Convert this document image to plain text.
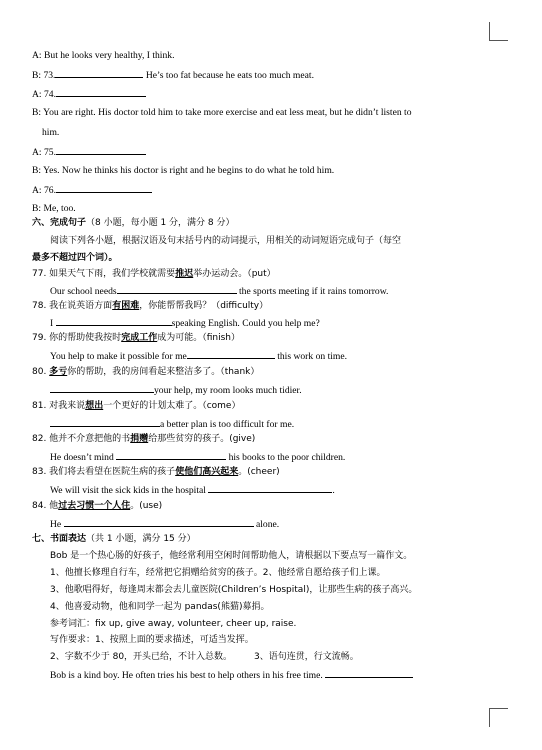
A: But he looks very healthy, I think.
B: 73.	He’s too fat because he eats too much meat.
A: 74.
B: You are right. His doctor told him to take more exercise and eat less meat, but he didn’t listen to
him.
A: 75.
B: Yes. Now he thinks his doctor is right and he begins to do what he told him.
A: 76.
B: Me, too.
六、完成句子（8 小题，每小题 1 分，满分 8 分）
阅读下列各小题，根据汉语及句末括号内的动词提示，用相关的动词短语完成句子（每空
最多不超过四个词）。
77. 如果天气下雨，我们学校就需要推迟举办运动会。（put）
Our school needs	the sports meeting if it rains tomorrow.
78. 我在说英语方面有困难，你能帮帮我吗？（difficulty）
I	speaking English. Could you help me?
79. 你的帮助使我按时完成工作成为可能。（finish）
You help to make it possible for me	this work on time.
80. 多亏你的帮助，我的房间看起来整洁多了。（thank）
your help, my room looks much tidier.
81. 对我来说想出一个更好的计划太难了。（come）
a better plan is too difficult for me.
82. 他并不介意把他的书捐赠给那些贫穷的孩子。(give)
He doesn’t mind	his books to the poor children.
83. 我们将去看望在医院生病的孩子使他们高兴起来。(cheer)
We will visit the sick kids in the hospital	.
84. 他过去习惯一个人住。(use)
He	alone.
七、书面表达（共 1 小题，满分 15 分）
Bob 是一个热心肠的好孩子，他经常利用空闲时间帮助他人，请根据以下要点写一篇作文。
1、他擅长修理自行车，经常把它捐赠给贫穷的孩子。2、他经常自愿给孩子们上课。
3、他歌唱得好，每逢周末都会去儿童医院(Children’s Hospital)，让那些生病的孩子高兴。
4、他喜爱动物，他和同学一起为 pandas(熊猫)募捐。
参考词汇：fix up, give away, volunteer, cheer up, raise.
写作要求：1、按照上面的要求描述，可适当发挥。
2、字数不少于 80，开头已给，不计入总数。 3、语句连贯，行文流畅。
Bob is a kind boy. He often tries his best to help others in his free time.
